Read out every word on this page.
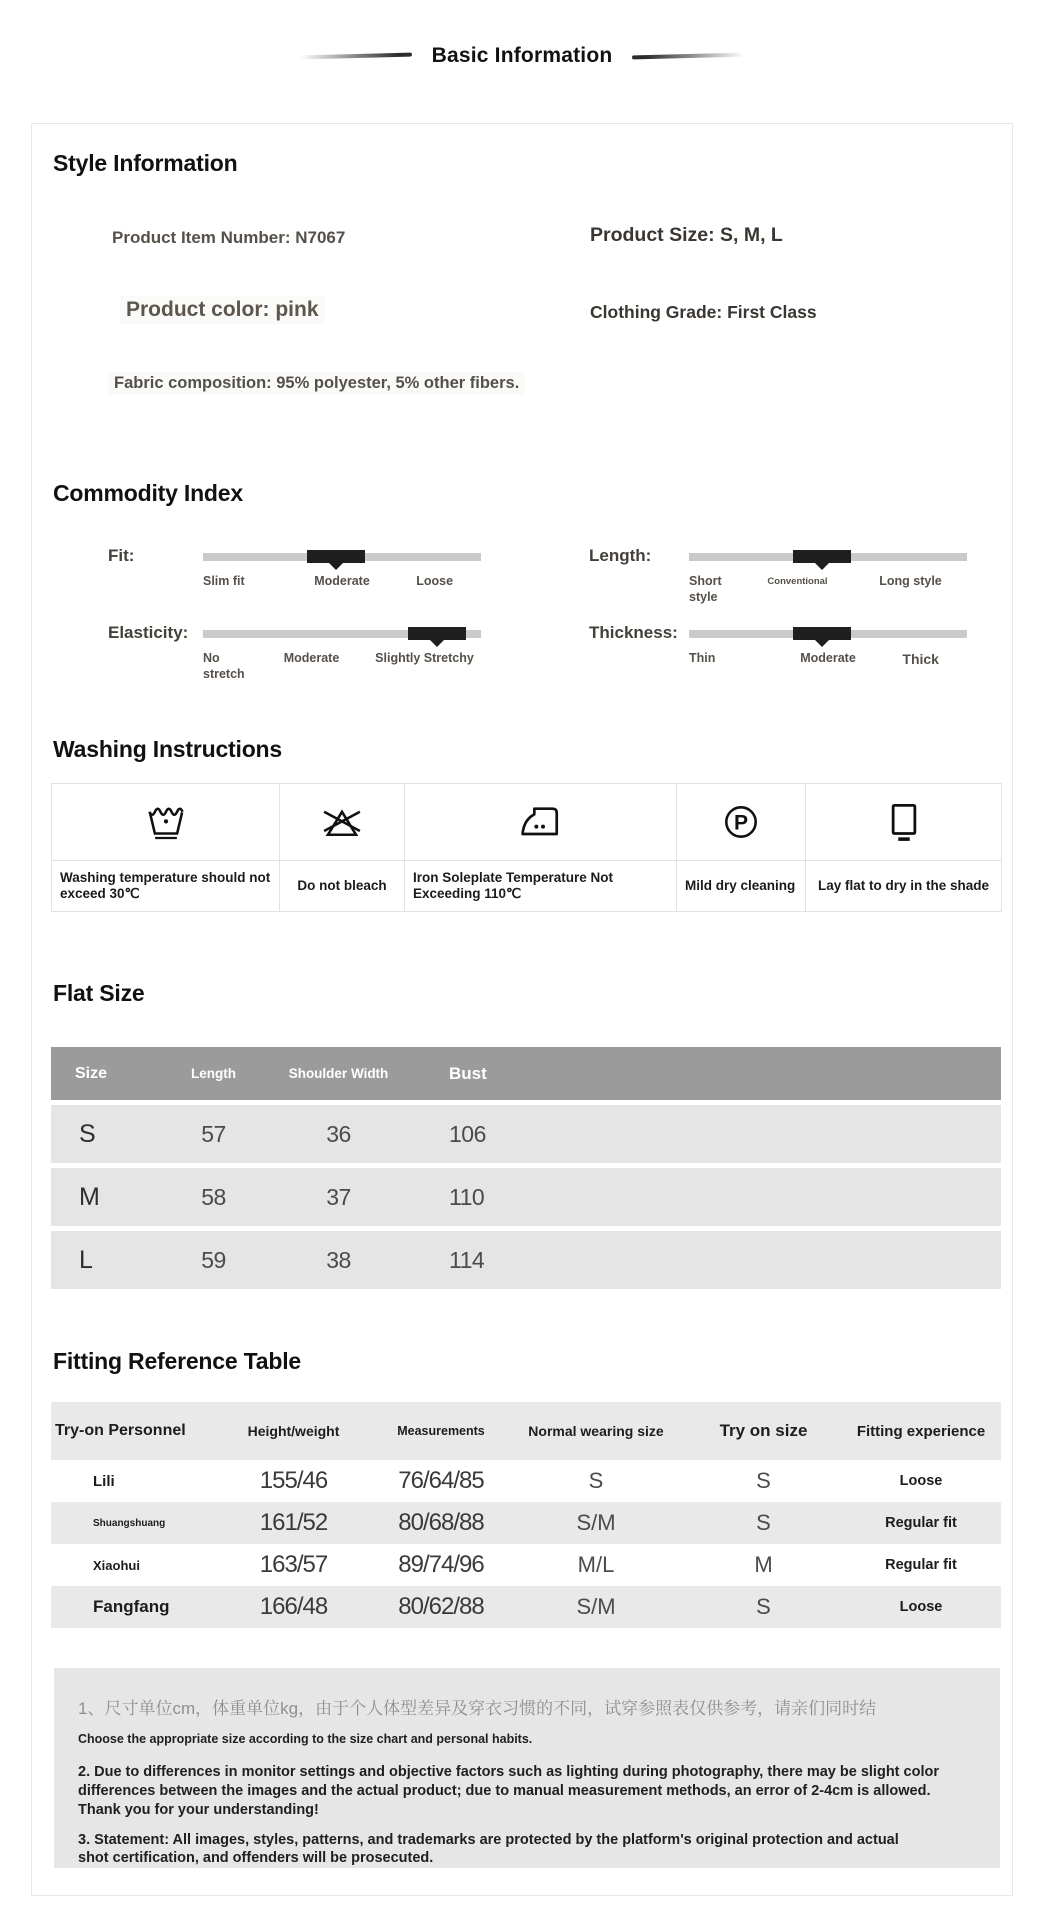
Basic Information
Style Information
Product Item Number: N7067	Product Size: S, M, L
Product color: pink	Clothing Grade: First Class
Fabric composition: 95% polyester, 5% other fibers.
Commodity Index
Fit:
Slim fit	Moderate	Loose
Length:
Short style
Conventional	Long style
Elasticity:
No stretch
Moderate	Slightly Stretchy
Thickness:
Thin	Moderate	Thick
Washing Instructions

P

Washing temperature should not exceed 30℃	Do not bleach	Iron Soleplate Temperature Not Exceeding 110℃	Mild dry cleaning	Lay flat to dry in the shade
Flat Size
Size	Length	Shoulder Width	Bust
S	57	36	106
M	58	37	110
L	59	38	114
Fitting Reference Table
Try-on Personnel	Height/weight	Measurements	Normal wearing size	Try on size	Fitting experience
Lili	155/46	76/64/85	S	S	Loose
Shuangshuang	161/52	80/68/88	S/M	S	Regular fit
Xiaohui	163/57	89/74/96	M/L	M	Regular fit
Fangfang	166/48	80/62/88	S/M	S	Loose
1、尺寸单位cm，体重单位kg，由于个人体型差异及穿衣习惯的不同，试穿参照表仅供参考，请亲们同时结
Choose the appropriate size according to the size chart and personal habits.
2. Due to differences in monitor settings and objective factors such as lighting during photography, there may be slight color differences between the images and the actual product; due to manual measurement methods, an error of 2-4cm is allowed. Thank you for your understanding!
3. Statement: All images, styles, patterns, and trademarks are protected by the platform's original protection and actual shot certification, and offenders will be prosecuted.
